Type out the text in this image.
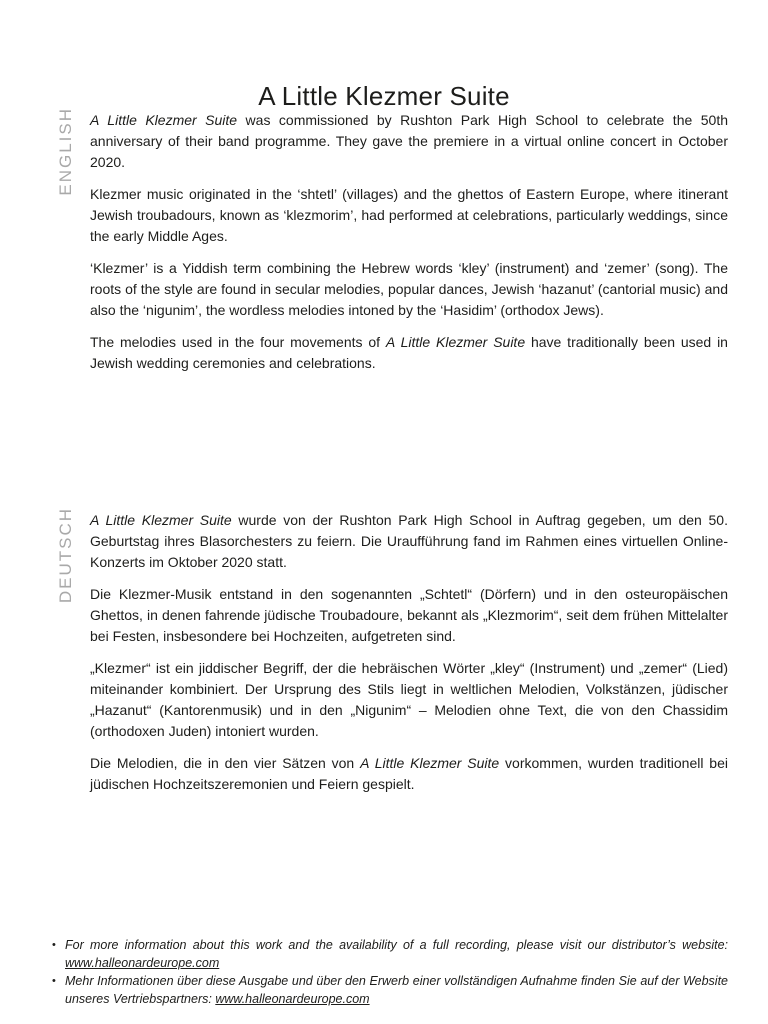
A Little Klezmer Suite
ENGLISH A Little Klezmer Suite was commissioned by Rushton Park High School to celebrate the 50th anniversary of their band programme. They gave the premiere in a virtual online concert in October 2020.

Klezmer music originated in the ‘shtetl’ (villages) and the ghettos of Eastern Europe, where itinerant Jewish troubadours, known as ‘klezmorim’, had performed at celebrations, particularly weddings, since the early Middle Ages.

‘Klezmer’ is a Yiddish term combining the Hebrew words ‘kley’ (instrument) and ‘zemer’ (song). The roots of the style are found in secular melodies, popular dances, Jewish ‘hazanut’ (cantorial music) and also the ‘nigunim’, the wordless melodies intoned by the ‘Hasidim’ (orthodox Jews).

The melodies used in the four movements of A Little Klezmer Suite have traditionally been used in Jewish wedding ceremonies and celebrations.

DEUTSCH A Little Klezmer Suite wurde von der Rushton Park High School in Auftrag gegeben, um den 50. Geburtstag ihres Blasorchesters zu feiern. Die Uraufführung fand im Rahmen eines virtuellen Online-Konzerts im Oktober 2020 statt.

Die Klezmer-Musik entstand in den sogenannten „Schtetl“ (Dörfern) und in den osteuropäischen Ghettos, in denen fahrende jüdische Troubadoure, bekannt als „Klezmorim“, seit dem frühen Mittelalter bei Festen, insbesondere bei Hochzeiten, aufgetreten sind.

„Klezmer“ ist ein jiddischer Begriff, der die hebräischen Wörter „kley“ (Instrument) und „zemer“ (Lied) miteinander kombiniert. Der Ursprung des Stils liegt in weltlichen Melodien, Volkstänzen, jüdischer „Hazanut“ (Kantorenmusik) und in den „Nigunim“ – Melodien ohne Text, die von den Chassidim (orthodoxen Juden) intoniert wurden.

Die Melodien, die in den vier Sätzen von A Little Klezmer Suite vorkommen, wurden traditionell bei jüdischen Hochzeitszeremonien und Feiern gespielt.

• For more information about this work and the availability of a full recording, please visit our distributor’s website: www.halleonardeurope.com
• Mehr Informationen über diese Ausgabe und über den Erwerb einer vollständigen Aufnahme finden Sie auf der Website unseres Vertriebspartners: www.halleonardeurope.com
